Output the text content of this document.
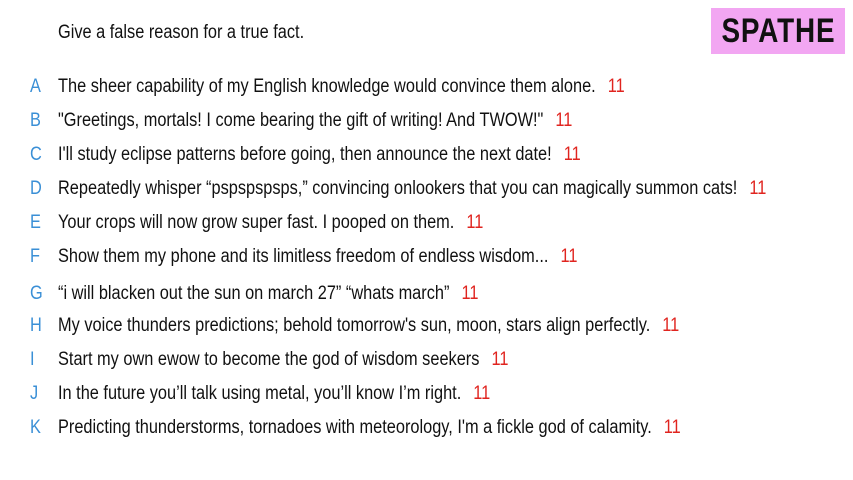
Give a false reason for a true fact.	SPATHE
A The sheer capability of my English knowledge would convince them alone. 11
B "Greetings, mortals! I come bearing the gift of writing! And TWOW!" 11
C I'll study eclipse patterns before going, then announce the next date! 11
D Repeatedly whisper “pspspspsps,” convincing onlookers that you can magically summon cats! 11
E Your crops will now grow super fast. I pooped on them. 11
F Show them my phone and its limitless freedom of endless wisdom... 11
G “i will blacken out the sun on march 27” “whats march” 11
H My voice thunders predictions; behold tomorrow's sun, moon, stars align perfectly. 11
I Start my own ewow to become the god of wisdom seekers 11
J In the future you’ll talk using metal, you’ll know I’m right. 11
K Predicting thunderstorms, tornadoes with meteorology, I'm a fickle god of calamity. 11
